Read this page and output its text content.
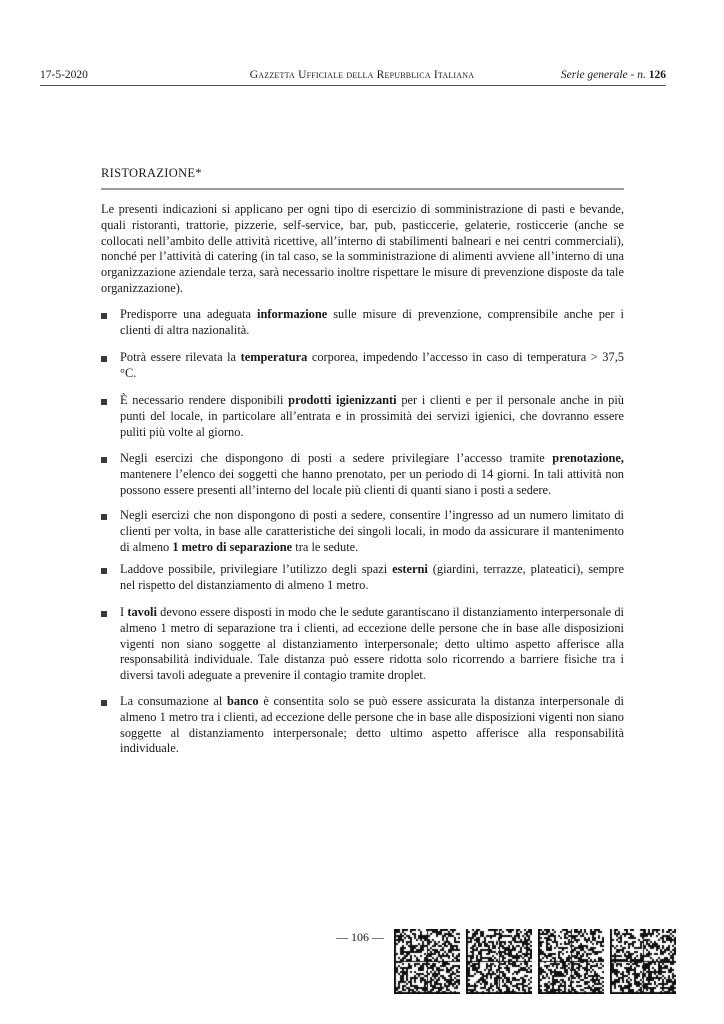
17-5-2020	Gazzetta Ufficiale della Repubblica Italiana	Serie generale - n. 126
RISTORAZIONE*
Le presenti indicazioni si applicano per ogni tipo di esercizio di somministrazione di pasti e bevande, quali ristoranti, trattorie, pizzerie, self-service, bar, pub, pasticcerie, gelaterie, rosticcerie (anche se collocati nell’ambito delle attività ricettive, all’interno di stabilimenti balneari e nei centri commerciali), nonché per l’attività di catering (in tal caso, se la somministrazione di alimenti avviene all’interno di una organizzazione aziendale terza, sarà necessario inoltre rispettare le misure di prevenzione disposte da tale organizzazione).
Predisporre una adeguata informazione sulle misure di prevenzione, comprensibile anche per i clienti di altra nazionalità.
Potrà essere rilevata la temperatura corporea, impedendo l’accesso in caso di temperatura > 37,5 °C.
È necessario rendere disponibili prodotti igienizzanti per i clienti e per il personale anche in più punti del locale, in particolare all’entrata e in prossimità dei servizi igienici, che dovranno essere puliti più volte al giorno.
Negli esercizi che dispongono di posti a sedere privilegiare l’accesso tramite prenotazione, mantenere l’elenco dei soggetti che hanno prenotato, per un periodo di 14 giorni. In tali attività non possono essere presenti all’interno del locale più clienti di quanti siano i posti a sedere.
Negli esercizi che non dispongono di posti a sedere, consentire l’ingresso ad un numero limitato di clienti per volta, in base alle caratteristiche dei singoli locali, in modo da assicurare il mantenimento di almeno 1 metro di separazione tra le sedute.
Laddove possibile, privilegiare l’utilizzo degli spazi esterni (giardini, terrazze, plateatici), sempre nel rispetto del distanziamento di almeno 1 metro.
I tavoli devono essere disposti in modo che le sedute garantiscano il distanziamento interpersonale di almeno 1 metro di separazione tra i clienti, ad eccezione delle persone che in base alle disposizioni vigenti non siano soggette al distanziamento interpersonale; detto ultimo aspetto afferisce alla responsabilità individuale. Tale distanza può essere ridotta solo ricorrendo a barriere fisiche tra i diversi tavoli adeguate a prevenire il contagio tramite droplet.
La consumazione al banco è consentita solo se può essere assicurata la distanza interpersonale di almeno 1 metro tra i clienti, ad eccezione delle persone che in base alle disposizioni vigenti non siano soggette al distanziamento interpersonale; detto ultimo aspetto afferisce alla responsabilità individuale.
— 106 —
